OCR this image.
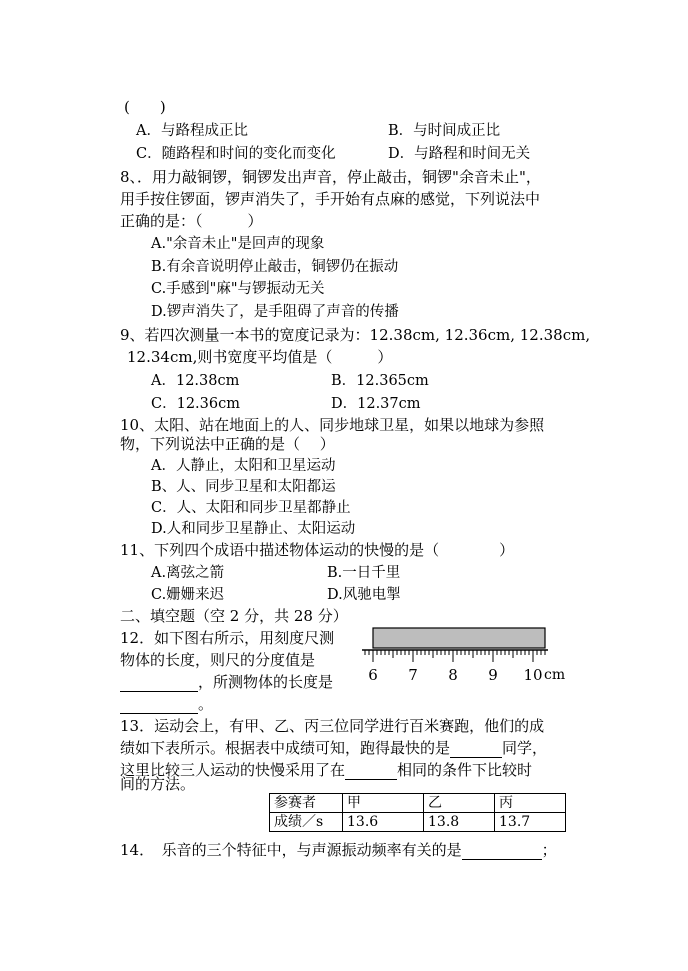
(　　)
A．与路程成正比	B．与时间成正比
C．随路程和时间的变化而变化	D．与路程和时间无关
8、．用力敲铜锣，铜锣发出声音，停止敲击，铜锣"余音未止"，
用手按住锣面，锣声消失了，手开始有点麻的感觉，下列说法中
正确的是：（　　　）
A."余音未止"是回声的现象
B.有余音说明停止敲击，铜锣仍在振动
C.手感到"麻"与锣振动无关
D.锣声消失了，是手阻碍了声音的传播
9、若四次测量一本书的宽度记录为：12.38cm, 12.36cm, 12.38cm,
12.34cm,则书宽度平均值是（　　　）
A．12.38cm	B．12.365cm
C．12.36cm	D．12.37cm
10、太阳、站在地面上的人、同步地球卫星，如果以地球为参照
物，下列说法中正确的是（　 ）
A．人静止，太阳和卫星运动
B、人、同步卫星和太阳都运
C．人、太阳和同步卫星都静止
D.人和同步卫星静止、太阳运动
11、下列四个成语中描述物体运动的快慢的是（　　　　）
A.离弦之箭	B.一日千里
C.姗姗来迟	D.风驰电掣
二、填空题（空 2 分，共 28 分）
12．如下图右所示，用刻度尺测
物体的长度，则尺的分度值是
，所测物体的长度是
。
6 7 8 9 10 cm
13．运动会上，有甲、乙、丙三位同学进行百米赛跑，他们的成
绩如下表所示。根据表中成绩可知，跑得最快的是	同学，
这里比较三人运动的快慢采用了在	相同的条件下比较时
间的方法。
参赛者	甲	乙	丙
成绩／s	13.6	13.8	13.7
14．　乐音的三个特征中，与声源振动频率有关的是	；
